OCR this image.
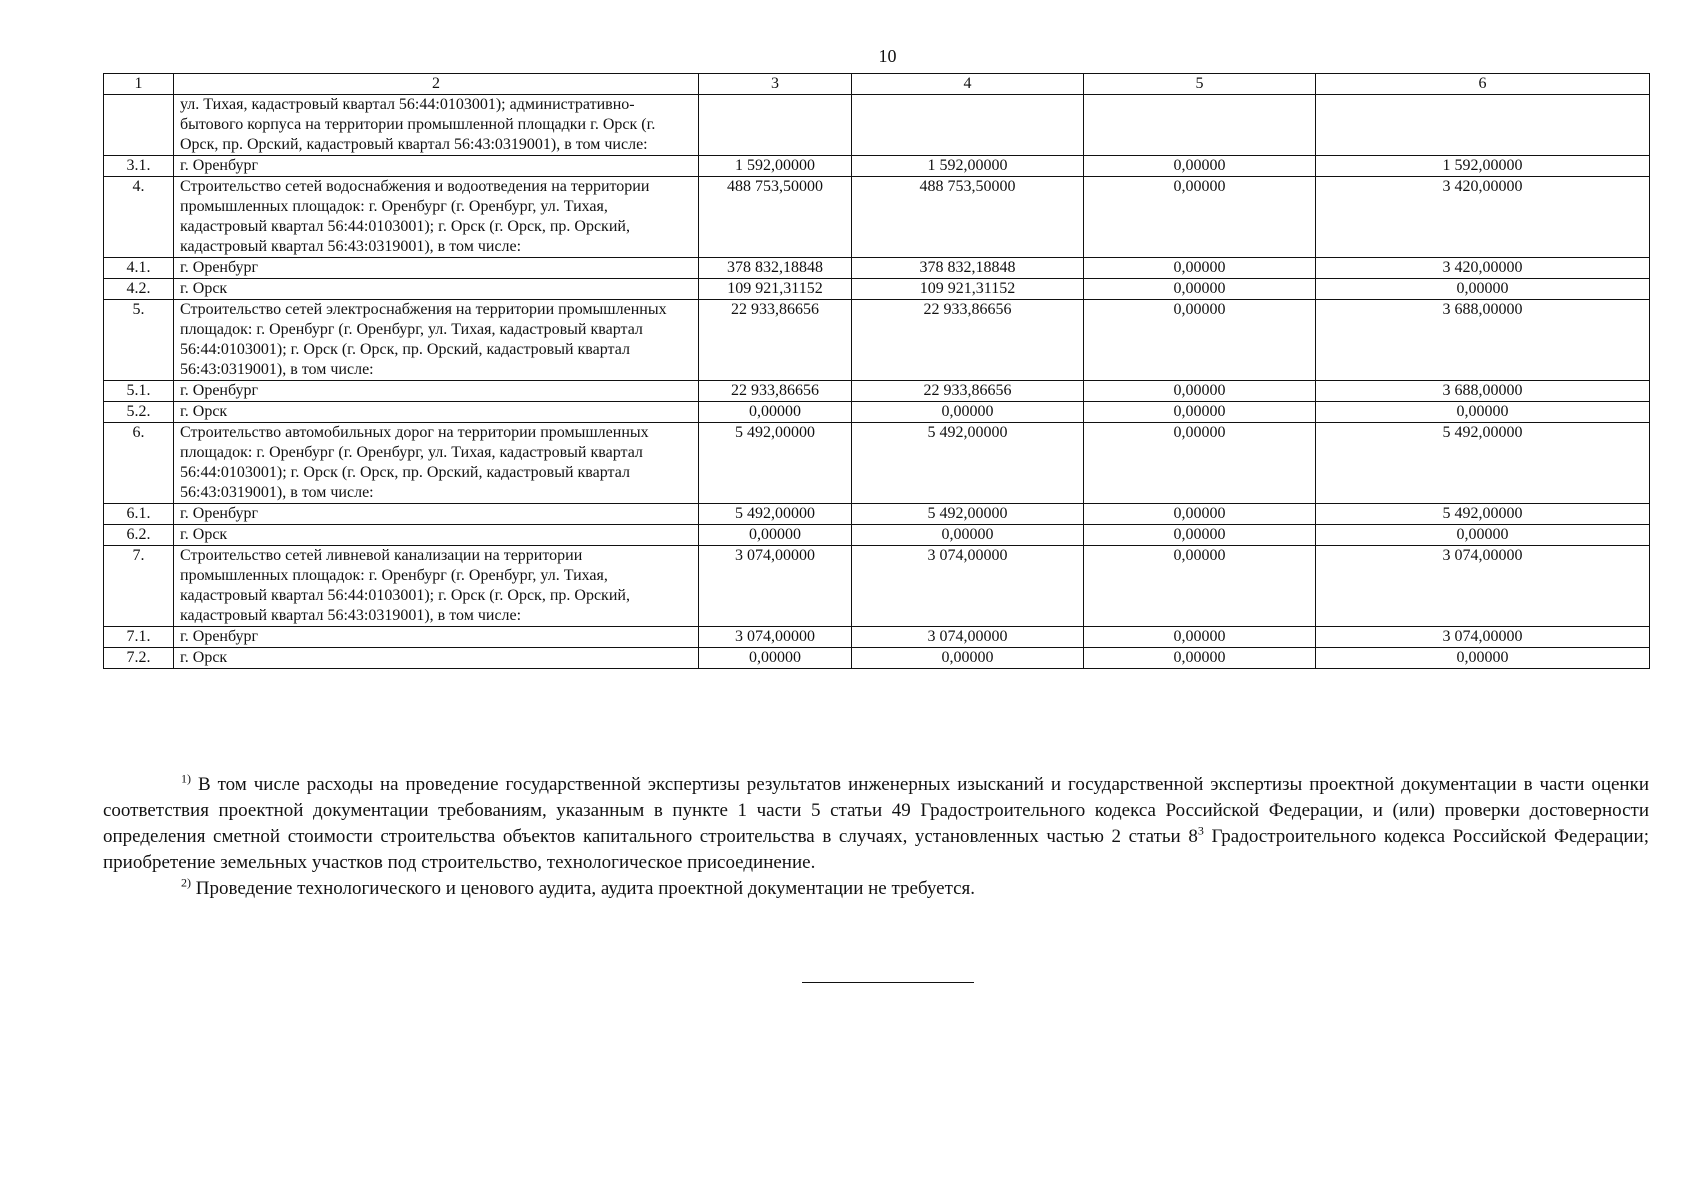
10
1	2	3	4	5	6
	ул. Тихая, кадастровый квартал 56:44:0103001); административно-бытового корпуса на территории промышленной площадки г. Орск (г. Орск, пр. Орский, кадастровый квартал 56:43:0319001), в том числе:				
3.1.	г. Оренбург	1 592,00000	1 592,00000	0,00000	1 592,00000
4.	Строительство сетей водоснабжения и водоотведения на территории промышленных площадок: г. Оренбург (г. Оренбург, ул. Тихая, кадастровый квартал 56:44:0103001); г. Орск (г. Орск, пр. Орский, кадастровый квартал 56:43:0319001), в том числе:	488 753,50000	488 753,50000	0,00000	3 420,00000
4.1.	г. Оренбург	378 832,18848	378 832,18848	0,00000	3 420,00000
4.2.	г. Орск	109 921,31152	109 921,31152	0,00000	0,00000
5.	Строительство сетей электроснабжения на территории промышленных площадок: г. Оренбург (г. Оренбург, ул. Тихая, кадастровый квартал 56:44:0103001); г. Орск (г. Орск, пр. Орский, кадастровый квартал 56:43:0319001), в том числе:	22 933,86656	22 933,86656	0,00000	3 688,00000
5.1.	г. Оренбург	22 933,86656	22 933,86656	0,00000	3 688,00000
5.2.	г. Орск	0,00000	0,00000	0,00000	0,00000
6.	Строительство автомобильных дорог на территории промышленных площадок: г. Оренбург (г. Оренбург, ул. Тихая, кадастровый квартал 56:44:0103001); г. Орск (г. Орск, пр. Орский, кадастровый квартал 56:43:0319001), в том числе:	5 492,00000	5 492,00000	0,00000	5 492,00000
6.1.	г. Оренбург	5 492,00000	5 492,00000	0,00000	5 492,00000
6.2.	г. Орск	0,00000	0,00000	0,00000	0,00000
7.	Строительство сетей ливневой канализации на территории промышленных площадок: г. Оренбург (г. Оренбург, ул. Тихая, кадастровый квартал 56:44:0103001); г. Орск (г. Орск, пр. Орский, кадастровый квартал 56:43:0319001), в том числе:	3 074,00000	3 074,00000	0,00000	3 074,00000
7.1.	г. Оренбург	3 074,00000	3 074,00000	0,00000	3 074,00000
7.2.	г. Орск	0,00000	0,00000	0,00000	0,00000

$^{1)}$ В том числе расходы на проведение государственной экспертизы результатов инженерных изысканий и государственной экспертизы проектной документации в части оценки соответствия проектной документации требованиям, указанным в пункте 1 части 5 статьи 49 Градостроительного кодекса Российской Федерации, и (или) проверки достоверности определения сметной стоимости строительства объектов капитального строительства в случаях, установленных частью 2 статьи $8^3$ Градостроительного кодекса Российской Федерации; приобретение земельных участков под строительство, технологическое присоединение.

$^{2)}$ Проведение технологического и ценового аудита, аудита проектной документации не требуется.
